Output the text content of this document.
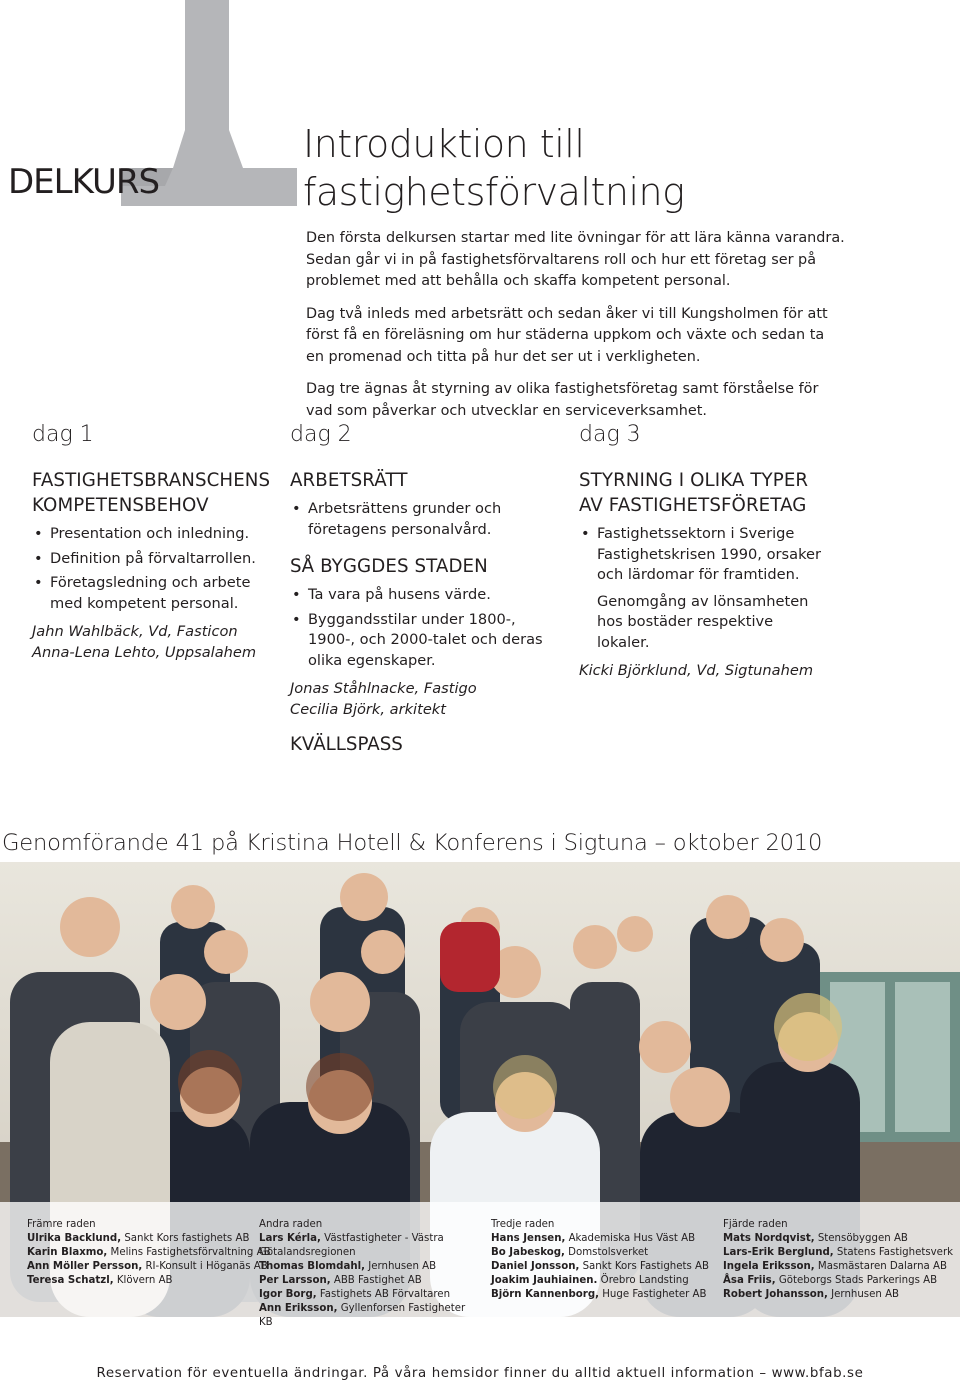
1
DELKURS
Introduktion till
fastighetsförvaltning

Den första delkursen startar med lite övningar för att lära känna varandra. Sedan går vi in på fastighetsförvaltarens roll och hur ett företag ser på problemet med att behålla och skaffa kompetent personal.

Dag två inleds med arbetsrätt och sedan åker vi till Kungsholmen för att först få en föreläsning om hur städerna uppkom och växte och sedan ta en promenad och titta på hur det ser ut i verkligheten.

Dag tre ägnas åt styrning av olika fastighetsföretag samt förståelse för vad som påverkar och utvecklar en serviceverksamhet.

dag 1	dag 2	dag 3
FASTIGHETSBRANSCHENS KOMPETENSBEHOV
• Presentation och inledning.
• Definition på förvaltarrollen.
• Företagsledning och arbete med kompetent personal.

Jahn Wahlbäck, Vd, Fasticon

Anna-Lena Lehto, Uppsalahem

ARBETSRÄTT
• Arbetsrättens grunder och företagens personalvård.
SÅ BYGGDES STADEN
• Ta vara på husens värde.
• Byggandsstilar under 1800-, 1900-, och 2000-talet och deras olika egenskaper.

Jonas Ståhlnacke, Fastigo

Cecilia Björk, arkitekt

KVÄLLSPASS
STYRNING I OLIKA TYPER AV FASTIGHETSFÖRETAG
• Fastighetssektorn i Sverige Fastighetskrisen 1990, orsaker och lärdomar för framtiden.
Genomgång av lönsamheten hos bostäder respektive lokaler.

Kicki Björklund, Vd, Sigtunahem

Genomförande 41 på Kristina Hotell & Konferens i Sigtuna – oktober 2010
Främre raden
Ulrika Backlund, Sankt Kors fastighets AB
Karin Blaxmo, Melins Fastighetsförvaltning AB
Ann Möller Persson, RI-Konsult i Höganäs AB
Teresa Schatzl, Klövern AB
Andra raden
Lars Kérla, Västfastigheter - Västra Götalandsregionen
Thomas Blomdahl, Jernhusen AB
Per Larsson, ABB Fastighet AB
Igor Borg, Fastighets AB Förvaltaren
Ann Eriksson, Gyllenforsen Fastigheter KB
Tredje raden
Hans Jensen, Akademiska Hus Väst AB
Bo Jabeskog, Domstolsverket
Daniel Jonsson, Sankt Kors Fastighets AB
Joakim Jauhiainen. Örebro Landsting
Björn Kannenborg, Huge Fastigheter AB
Fjärde raden
Mats Nordqvist, Stensöbyggen AB
Lars-Erik Berglund, Statens Fastighetsverk
Ingela Eriksson, Masmästaren Dalarna AB
Åsa Friis, Göteborgs Stads Parkerings AB
Robert Johansson, Jernhusen AB

Reservation för eventuella ändringar. På våra hemsidor finner du alltid aktuell information – www.bfab.se
